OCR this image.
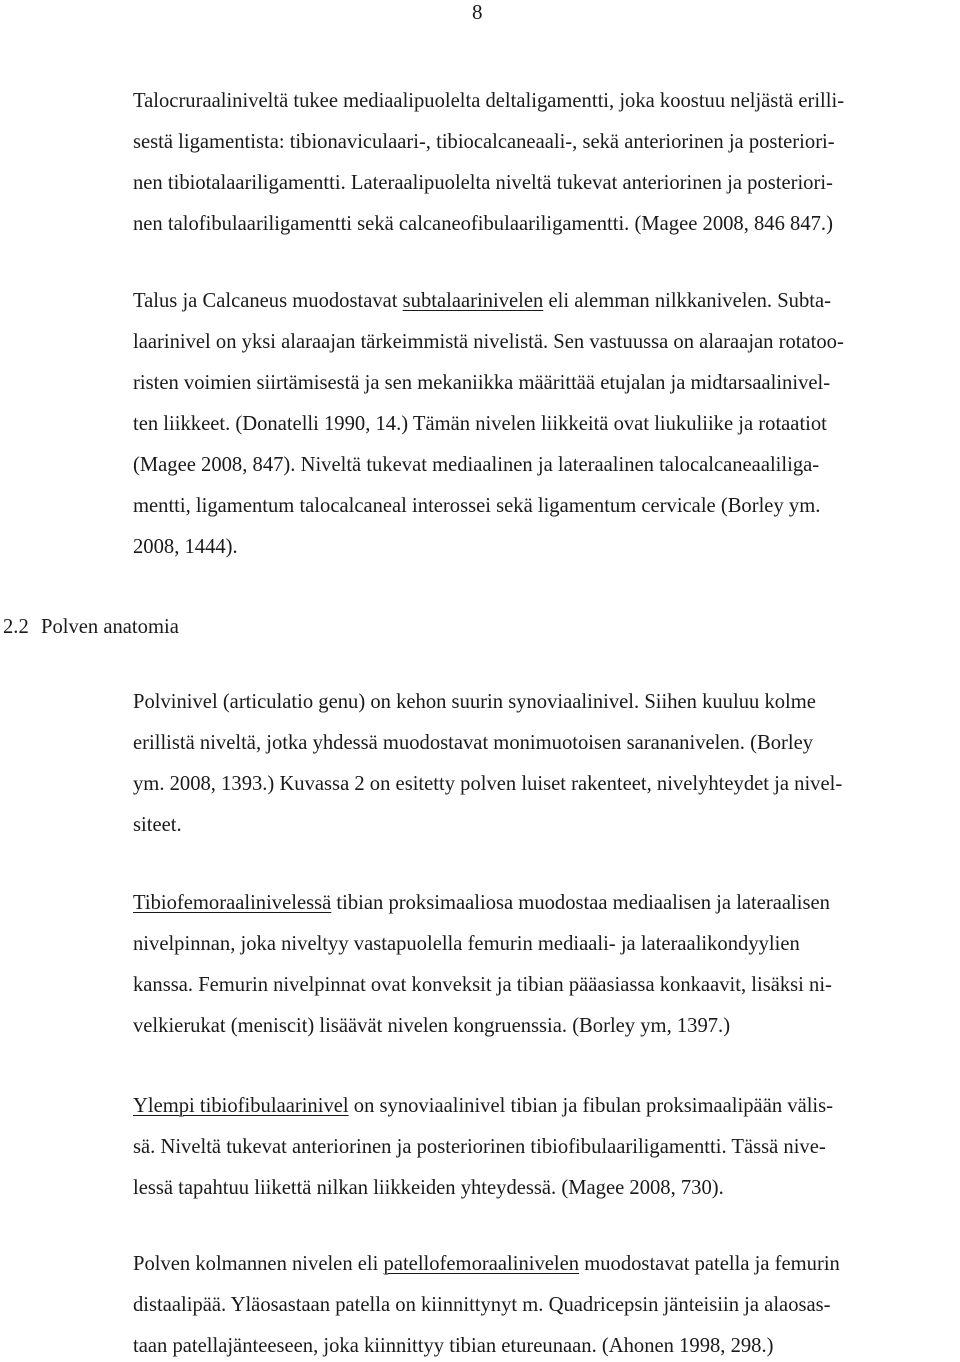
8
Talocruraaliniveltä tukee mediaalipuolelta deltaligamentti, joka koostuu neljästä erilli-
sestä ligamentista: tibionaviculaari-, tibiocalcaneaali-, sekä anteriorinen ja posteriori-
nen tibiotalaariligamentti. Lateraalipuolelta niveltä tukevat anteriorinen ja posteriori-
nen talofibulaariligamentti sekä calcaneofibulaariligamentti. (Magee 2008, 846 847.)
Talus ja Calcaneus muodostavat subtalaarinivelen eli alemman nilkkanivelen. Subta-
laarinivel on yksi alaraajan tärkeimmistä nivelistä. Sen vastuussa on alaraajan rotatoo-
risten voimien siirtämisestä ja sen mekaniikka määrittää etujalan ja midtarsaalinivel-
ten liikkeet. (Donatelli 1990, 14.) Tämän nivelen liikkeitä ovat liukuliike ja rotaatiot
(Magee 2008, 847). Niveltä tukevat mediaalinen ja lateraalinen talocalcaneaaliliga-
mentti, ligamentum talocalcaneal interossei sekä ligamentum cervicale (Borley ym.
2008, 1444).
2.2 Polven anatomia
Polvinivel (articulatio genu) on kehon suurin synoviaalinivel. Siihen kuuluu kolme
erillistä niveltä, jotka yhdessä muodostavat monimuotoisen sarananivelen. (Borley
ym. 2008, 1393.) Kuvassa 2 on esitetty polven luiset rakenteet, nivelyhteydet ja nivel-
siteet.
Tibiofemoraalinivelessä tibian proksimaaliosa muodostaa mediaalisen ja lateraalisen
nivelpinnan, joka niveltyy vastapuolella femurin mediaali- ja lateraalikondyylien
kanssa. Femurin nivelpinnat ovat konveksit ja tibian pääasiassa konkaavit, lisäksi ni-
velkierukat (meniscit) lisäävät nivelen kongruenssia. (Borley ym, 1397.)
Ylempi tibiofibulaarinivel on synoviaalinivel tibian ja fibulan proksimaalipään välis-
sä. Niveltä tukevat anteriorinen ja posteriorinen tibiofibulaariligamentti. Tässä nive-
lessä tapahtuu liikettä nilkan liikkeiden yhteydessä. (Magee 2008, 730).
Polven kolmannen nivelen eli patellofemoraalinivelen muodostavat patella ja femurin
distaalipää. Yläosastaan patella on kiinnittynyt m. Quadricepsin jänteisiin ja alaosas-
taan patellajänteeseen, joka kiinnittyy tibian etureunaan. (Ahonen 1998, 298.)
